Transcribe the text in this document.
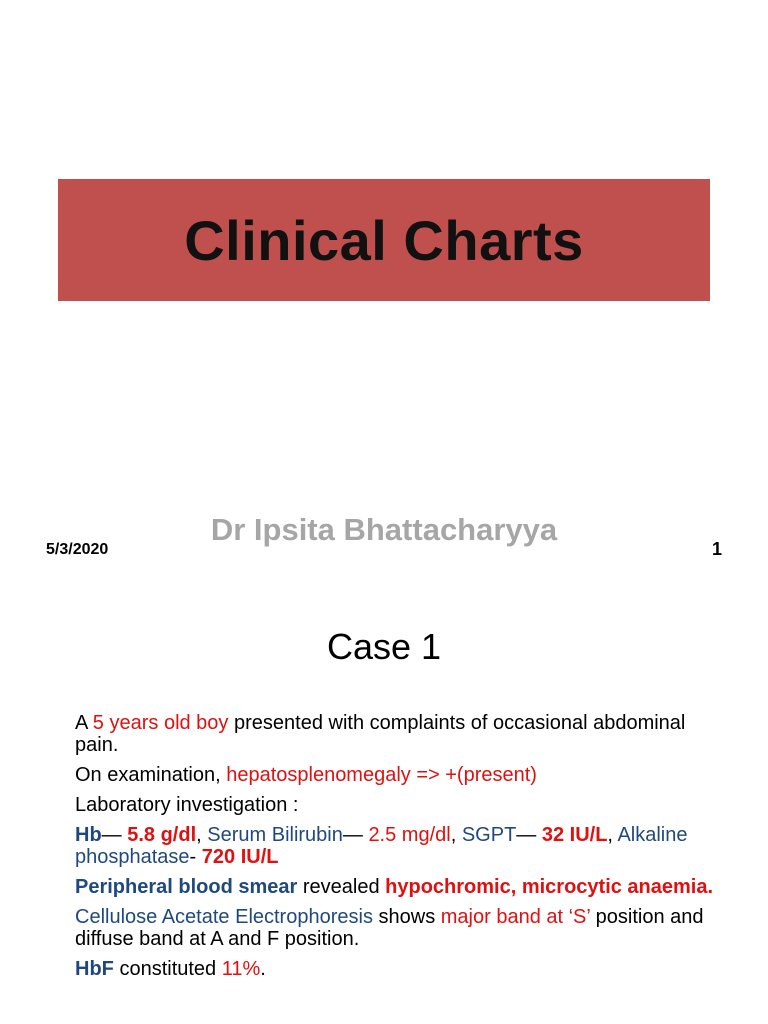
Clinical Charts
Dr Ipsita Bhattacharyya
5/3/2020	1
Case 1

A 5 years old boy presented with complaints of occasional abdominal pain.

On examination, hepatosplenomegaly => +(present)

Laboratory investigation :

Hb— 5.8 g/dl, Serum Bilirubin— 2.5 mg/dl, SGPT— 32 IU/L, Alkaline phosphatase- 720 IU/L

Peripheral blood smear revealed hypochromic, microcytic anaemia.

Cellulose Acetate Electrophoresis shows major band at ‘S’ position and diffuse band at A and F position.

HbF constituted 11%.
